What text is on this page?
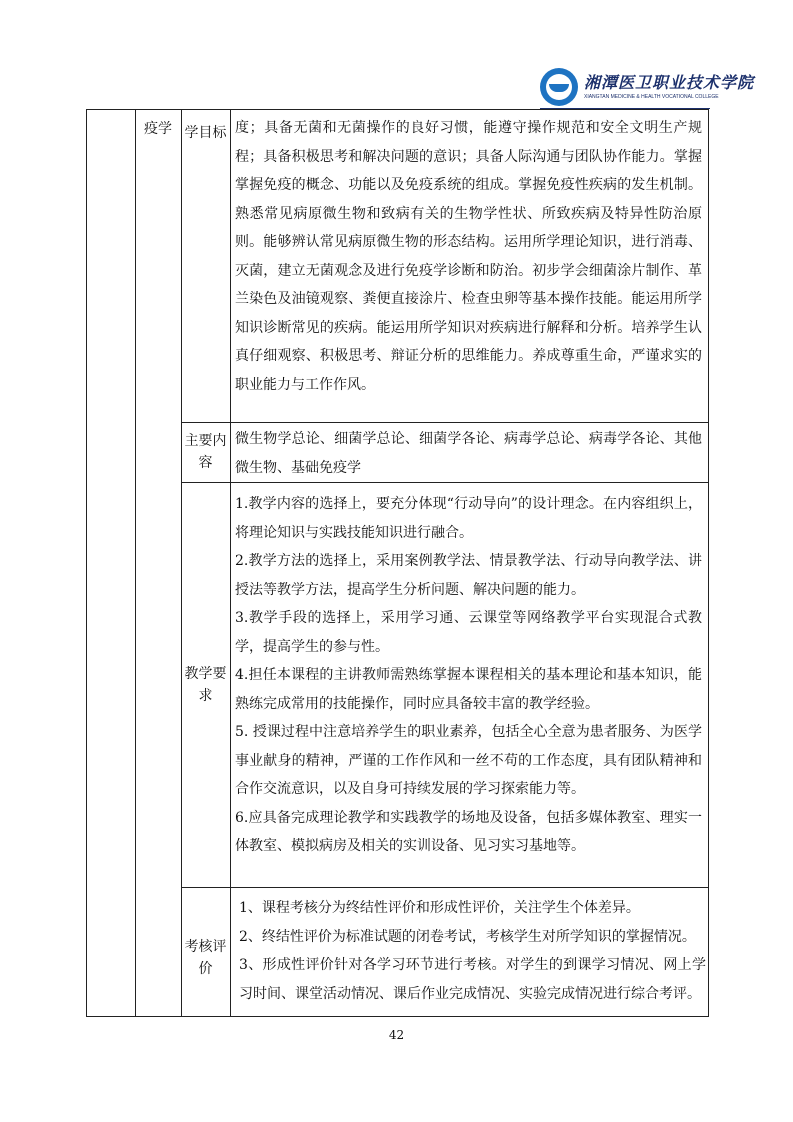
湘潭医卫职业技术学院
XIANGTAN MEDICINE & HEALTH VOCATIONAL COLLEGE
疫学 学目标 度；具备无菌和无菌操作的良好习惯，能遵守操作规范和安全文明生产规程；具备积极思考和解决问题的意识；具备人际沟通与团队协作能力。掌握掌握免疫的概念、功能以及免疫系统的组成。掌握免疫性疾病的发生机制。熟悉常见病原微生物和致病有关的生物学性状、所致疾病及特异性防治原则。能够辨认常见病原微生物的形态结构。运用所学理论知识，进行消毒、灭菌，建立无菌观念及进行免疫学诊断和防治。初步学会细菌涂片制作、革兰染色及油镜观察、粪便直接涂片、检查虫卵等基本操作技能。能运用所学知识诊断常见的疾病。能运用所学知识对疾病进行解释和分析。培养学生认真仔细观察、积极思考、辩证分析的思维能力。养成尊重生命，严谨求实的职业能力与工作作风。
主要内容
微生物学总论、细菌学总论、细菌学各论、病毒学总论、病毒学各论、其他微生物、基础免疫学
教学要求

1.教学内容的选择上，要充分体现“行动导向”的设计理念。在内容组织上，将理论知识与实践技能知识进行融合。

2.教学方法的选择上，采用案例教学法、情景教学法、行动导向教学法、讲授法等教学方法，提高学生分析问题、解决问题的能力。

3.教学手段的选择上，采用学习通、云课堂等网络教学平台实现混合式教学，提高学生的参与性。

4.担任本课程的主讲教师需熟练掌握本课程相关的基本理论和基本知识，能熟练完成常用的技能操作，同时应具备较丰富的教学经验。

5. 授课过程中注意培养学生的职业素养，包括全心全意为患者服务、为医学事业献身的精神，严谨的工作作风和一丝不苟的工作态度，具有团队精神和合作交流意识，以及自身可持续发展的学习探索能力等。

6.应具备完成理论教学和实践教学的场地及设备，包括多媒体教室、理实一体教室、模拟病房及相关的实训设备、见习实习基地等。

考核评价

1、课程考核分为终结性评价和形成性评价，关注学生个体差异。

2、终结性评价为标准试题的闭卷考试，考核学生对所学知识的掌握情况。

3、形成性评价针对各学习环节进行考核。对学生的到课学习情况、网上学习时间、课堂活动情况、课后作业完成情况、实验完成情况进行综合考评。

42
